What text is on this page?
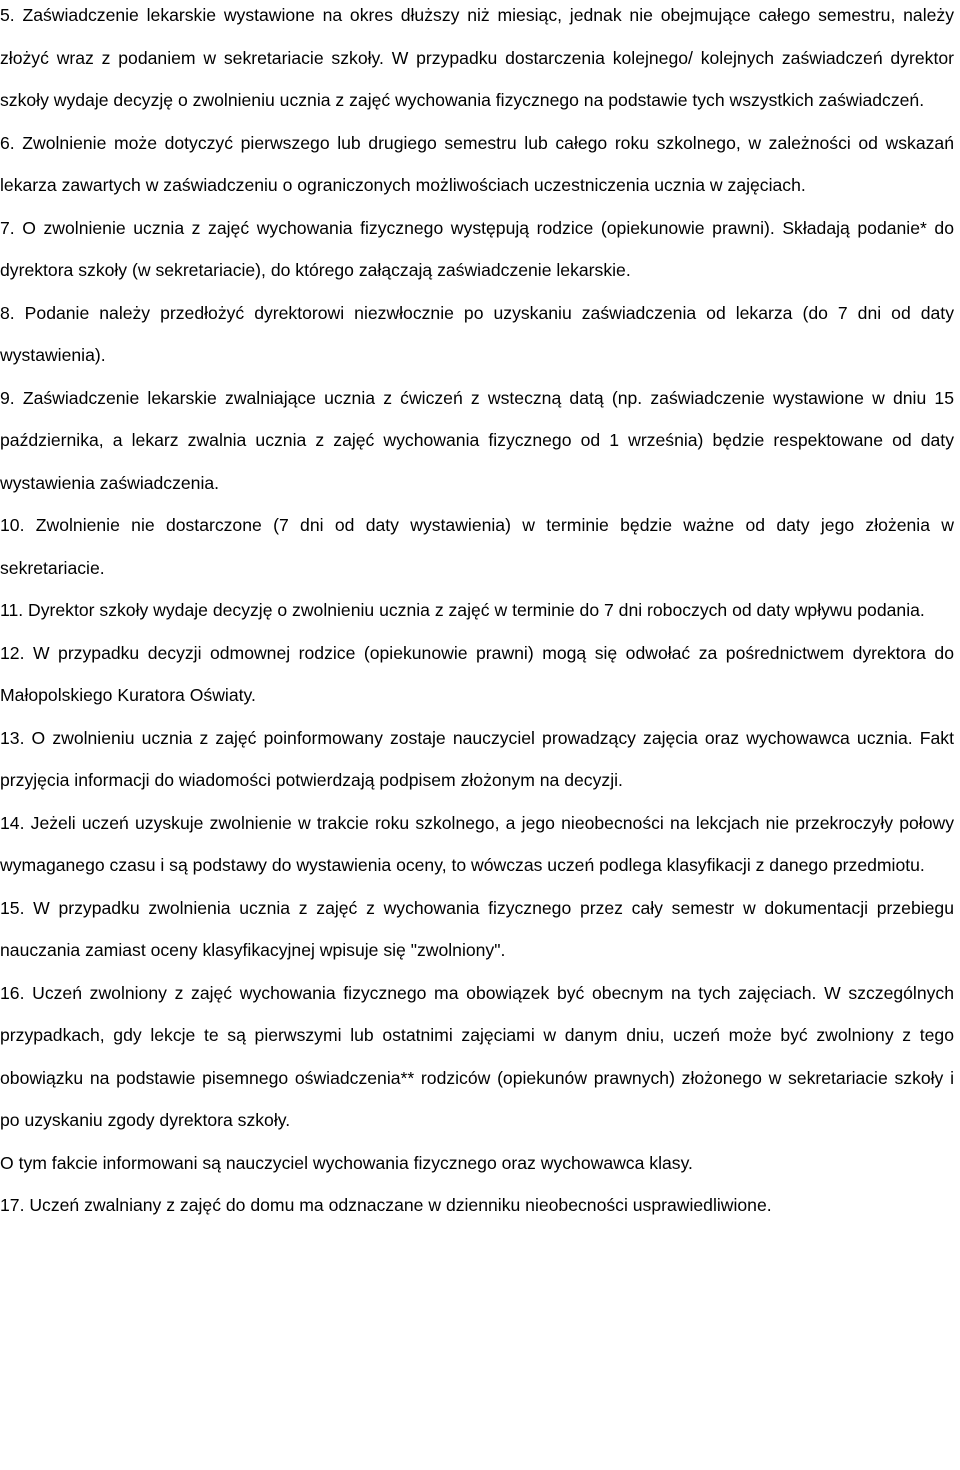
5. Zaświadczenie lekarskie wystawione na okres dłuższy niż miesiąc, jednak nie obejmujące całego semestru, należy złożyć wraz z podaniem w sekretariacie szkoły. W przypadku dostarczenia kolejnego/ kolejnych zaświadczeń dyrektor szkoły wydaje decyzję o zwolnieniu ucznia z zajęć wychowania fizycznego na podstawie tych wszystkich zaświadczeń.

6. Zwolnienie może dotyczyć pierwszego lub drugiego semestru lub całego roku szkolnego, w zależności od wskazań lekarza zawartych w zaświadczeniu o ograniczonych możliwościach uczestniczenia ucznia w zajęciach.

7. O zwolnienie ucznia z zajęć wychowania fizycznego występują rodzice (opiekunowie prawni). Składają podanie* do dyrektora szkoły (w sekretariacie), do którego załączają zaświadczenie lekarskie.

8. Podanie należy przedłożyć dyrektorowi niezwłocznie po uzyskaniu zaświadczenia od lekarza (do 7 dni od daty wystawienia).

9. Zaświadczenie lekarskie zwalniające ucznia z ćwiczeń z wsteczną datą (np. zaświadczenie wystawione w dniu 15 października, a lekarz zwalnia ucznia z zajęć wychowania fizycznego od 1 września) będzie respektowane od daty wystawienia zaświadczenia.

10. Zwolnienie nie dostarczone (7 dni od daty wystawienia) w terminie będzie ważne od daty jego złożenia w sekretariacie.

11. Dyrektor szkoły wydaje decyzję o zwolnieniu ucznia z zajęć w terminie do 7 dni roboczych od daty wpływu podania.

12. W przypadku decyzji odmownej rodzice (opiekunowie prawni) mogą się odwołać za pośrednictwem dyrektora do Małopolskiego Kuratora Oświaty.

13. O zwolnieniu ucznia z zajęć poinformowany zostaje nauczyciel prowadzący zajęcia oraz wychowawca ucznia. Fakt przyjęcia informacji do wiadomości potwierdzają podpisem złożonym na decyzji.

14. Jeżeli uczeń uzyskuje zwolnienie w trakcie roku szkolnego, a jego nieobecności na lekcjach nie przekroczyły połowy wymaganego czasu i są podstawy do wystawienia oceny, to wówczas uczeń podlega klasyfikacji z danego przedmiotu.

15. W przypadku zwolnienia ucznia z zajęć z wychowania fizycznego przez cały semestr w dokumentacji przebiegu nauczania zamiast oceny klasyfikacyjnej wpisuje się "zwolniony".

16. Uczeń zwolniony z zajęć wychowania fizycznego ma obowiązek być obecnym na tych zajęciach. W szczególnych przypadkach, gdy lekcje te są pierwszymi lub ostatnimi zajęciami w danym dniu, uczeń może być zwolniony z tego obowiązku na podstawie pisemnego oświadczenia** rodziców (opiekunów prawnych) złożonego w sekretariacie szkoły i po uzyskaniu zgody dyrektora szkoły.

O tym fakcie informowani są nauczyciel wychowania fizycznego oraz wychowawca klasy.

17. Uczeń zwalniany z zajęć do domu ma odznaczane w dzienniku nieobecności usprawiedliwione.
